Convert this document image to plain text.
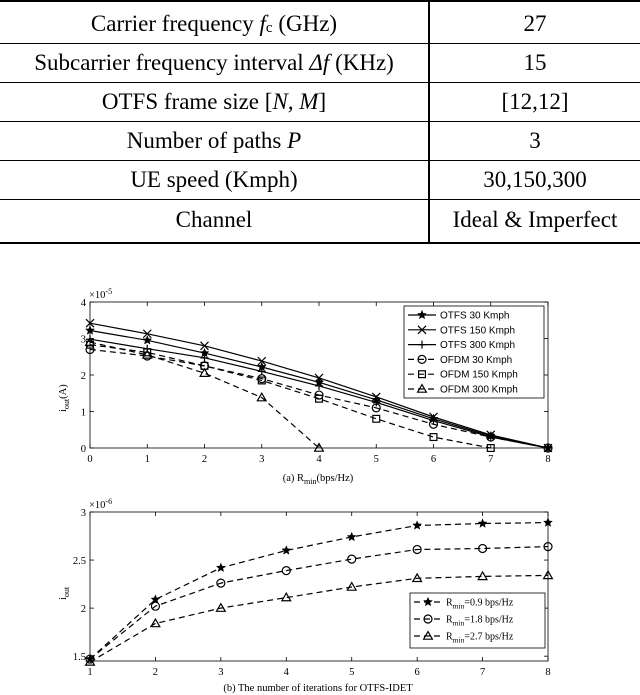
Carrier frequency f c (GHz)	27
Subcarrier frequency interval Δf (KHz)	15
OTFS frame size [ N, M ]	[12,12]
Number of paths P	3
UE speed (Kmph)	30,150,300
Channel	Ideal & Imperfect
$\times 10^{-5}$
$i_{out}(A)$
(a) $R_{min}(bps/Hz)$
0	1	2	3	4	5	6	7	8
0
1
2
3
4
OTFS 30 Kmph
OTFS 150 Kmph
OTFS 300 Kmph
OFDM 30 Kmph
OFDM 150 Kmph
OFDM 300 Kmph
$\times 10^{-6}$
$i_{out}$
(b) The number of iterations for OTFS-IDET
1	2	3	4	5	6	7	8
1.5
2
2.5
3
$R_{min}=0.9$ bps/Hz
$R_{min}=1.8$ bps/Hz
$R_{min}=2.7$ bps/Hz
